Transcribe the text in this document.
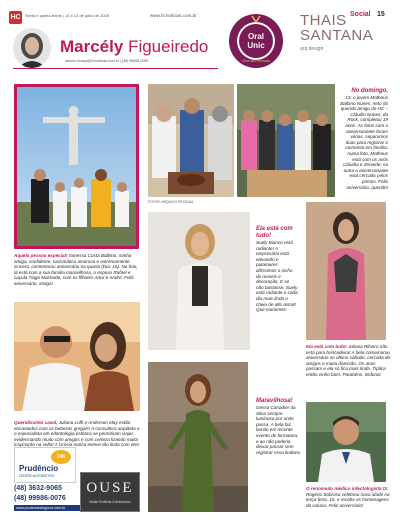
HC	Sexta e quinta-feiras | 13 a 14 de julho de 2025	www.hcnoticias.com.br
Marcély Figueiredo
admim.hcaqui@hcnoticias.com.br | (48) 99655-0081
Oral
Unic
Diva da Formosa
THAIS
SANTANA
arq design
Social 15
Aquela pessoa especial! Vanessa Costa Balbino, minha amiga, confidente, carismática amorosa e extremamente sincera, comemorou aniversário na quarta (Dia, 16). Na foto, lá está com a sua família maravilhosa, o esposo Rafael e caçula Tiago Machado, com os filhotes Artur e André. Feliz aniversário, amiga!
FOTOS: ARQUIVO PESSOAL
No domingo,
13, o jovem Matheus Balbino Nunes, neto do querido amigo do HC – Cláudio Nunes, da Rock, completou 19 anos. As fotos com o aniversariante foram várias, separamos duas para registrar o momento em família: numa foto, Matheus está com os avós Cláudia e Zenaide; na outra o aniversariante está cercado pelos primos. Feliz aniversário, querido!
Ela está com tudo!
Suely Bianco está radiante! A empresária está elevando o patamares altíssimos o nicho de moveis e decoração. E se não bastasse, Suely está radiante e cada dia mais linda e cheia de alto astral! Que momento!
Ela está com tudo! Juliana Ribeiro não está para brincadeira! A bela comemorou aniversário no último sábado, cercada de amigos e muita diversão. Os anos passam e ela só fica mais linda. Tiplica então vinho bom. Parabéns, lindona!
Queridíssimo casal, Juliana Loffi e Anderson May estão encantados com os bebezas gregais! A consultora arquiteta e o especialista em odontologia estética se permitiram viajar, evidenciando muito com amigos e com certeza lizando muita inspiração na volta! A Grécia nunca esteve tão linda com eles
Maravilhosa!
Gessa Canadier da Silva sempre luminosa por onde passa. A bela faz bonito em recente evento de formatura, e ao não poderia deixar passar sem registrar essa lindeza.
O renomado médico infectologista Dr. Rogério Sobrosa celebrou nova idade na terça-feira, 15, e recebe as homenagens da coluna. Feliz aniversário!
24h
Prudêncio
CENTRO AUTOMOTIVO
(48) 3632-9065
(48) 99986-0076
www.prudencioseguros.com.br
OUSE
Moda Feminina & Acessórios
